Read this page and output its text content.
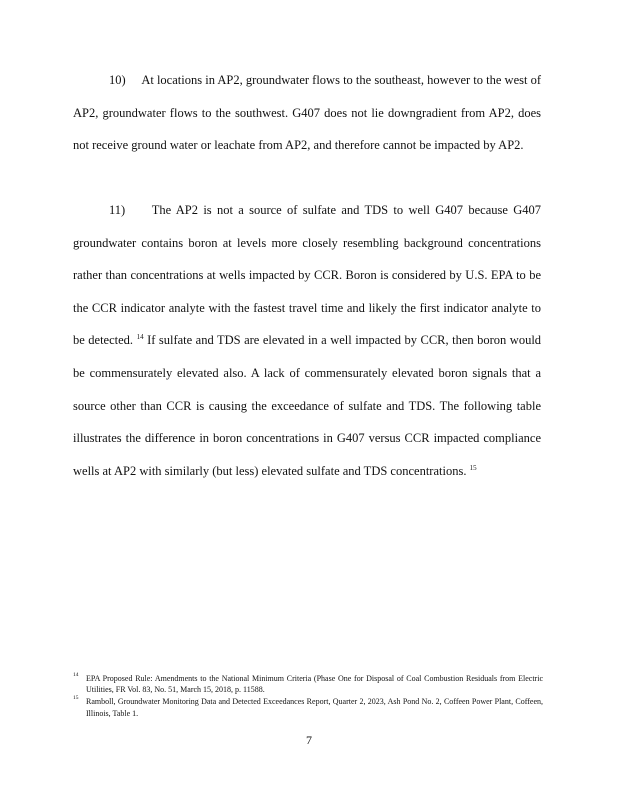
10) At locations in AP2, groundwater flows to the southeast, however to the west of AP2, groundwater flows to the southwest. G407 does not lie downgradient from AP2, does not receive ground water or leachate from AP2, and therefore cannot be impacted by AP2.

11) The AP2 is not a source of sulfate and TDS to well G407 because G407 groundwater contains boron at levels more closely resembling background concentrations rather than concentrations at wells impacted by CCR. Boron is considered by U.S. EPA to be the CCR indicator analyte with the fastest travel time and likely the first indicator analyte to be detected. $^{14}$ If sulfate and TDS are elevated in a well impacted by CCR, then boron would be commensurately elevated also. A lack of commensurately elevated boron signals that a source other than CCR is causing the exceedance of sulfate and TDS. The following table illustrates the difference in boron concentrations in G407 versus CCR impacted compliance wells at AP2 with similarly (but less) elevated sulfate and TDS concentrations. $^{15}$

14 EPA Proposed Rule: Amendments to the National Minimum Criteria (Phase One for Disposal of Coal Combustion Residuals from Electric Utilities, FR Vol. 83, No. 51, March 15, 2018, p. 11588.

15 Ramboll, Groundwater Monitoring Data and Detected Exceedances Report, Quarter 2, 2023, Ash Pond No. 2, Coffeen Power Plant, Coffeen, Illinois, Table 1.

7
